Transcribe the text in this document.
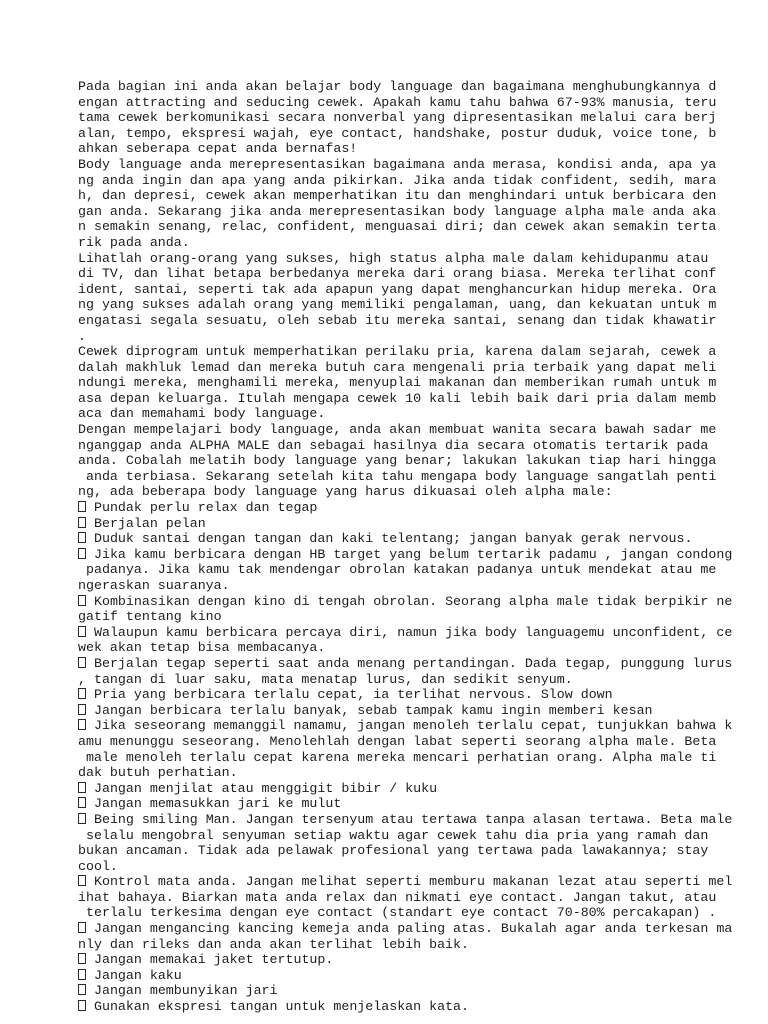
Pada bagian ini anda akan belajar body language dan bagaimana menghubungkannya d
engan attracting and seducing cewek. Apakah kamu tahu bahwa 67-93% manusia, teru
tama cewek berkomunikasi secara nonverbal yang dipresentasikan melalui cara berj
alan, tempo, ekspresi wajah, eye contact, handshake, postur duduk, voice tone, b
ahkan seberapa cepat anda bernafas!
Body language anda merepresentasikan bagaimana anda merasa, kondisi anda, apa ya
ng anda ingin dan apa yang anda pikirkan. Jika anda tidak confident, sedih, mara
h, dan depresi, cewek akan memperhatikan itu dan menghindari untuk berbicara den
gan anda. Sekarang jika anda merepresentasikan body language alpha male anda aka
n semakin senang, relac, confident, menguasai diri; dan cewek akan semakin terta
rik pada anda.
Lihatlah orang-orang yang sukses, high status alpha male dalam kehidupanmu atau
di TV, dan lihat betapa berbedanya mereka dari orang biasa. Mereka terlihat conf
ident, santai, seperti tak ada apapun yang dapat menghancurkan hidup mereka. Ora
ng yang sukses adalah orang yang memiliki pengalaman, uang, dan kekuatan untuk m
engatasi segala sesuatu, oleh sebab itu mereka santai, senang dan tidak khawatir
.
Cewek diprogram untuk memperhatikan perilaku pria, karena dalam sejarah, cewek a
dalah makhluk lemad dan mereka butuh cara mengenali pria terbaik yang dapat meli
ndungi mereka, menghamili mereka, menyuplai makanan dan memberikan rumah untuk m
asa depan keluarga. Itulah mengapa cewek 10 kali lebih baik dari pria dalam memb
aca dan memahami body language.
Dengan mempelajari body language, anda akan membuat wanita secara bawah sadar me
nganggap anda ALPHA MALE dan sebagai hasilnya dia secara otomatis tertarik pada
anda. Cobalah melatih body language yang benar; lakukan lakukan tiap hari hingga
anda terbiasa. Sekarang setelah kita tahu mengapa body language sangatlah penti
ng, ada beberapa body language yang harus dikuasai oleh alpha male:
Pundak perlu relax dan tegap
Berjalan pelan
Duduk santai dengan tangan dan kaki telentang; jangan banyak gerak nervous.
Jika kamu berbicara dengan HB target yang belum tertarik padamu , jangan condong
padanya. Jika kamu tak mendengar obrolan katakan padanya untuk mendekat atau me
ngeraskan suaranya.
Kombinasikan dengan kino di tengah obrolan. Seorang alpha male tidak berpikir ne
gatif tentang kino
Walaupun kamu berbicara percaya diri, namun jika body languagemu unconfident, ce
wek akan tetap bisa membacanya.
Berjalan tegap seperti saat anda menang pertandingan. Dada tegap, punggung lurus
, tangan di luar saku, mata menatap lurus, dan sedikit senyum.
Pria yang berbicara terlalu cepat, ia terlihat nervous. Slow down
Jangan berbicara terlalu banyak, sebab tampak kamu ingin memberi kesan
Jika seseorang memanggil namamu, jangan menoleh terlalu cepat, tunjukkan bahwa k
amu menunggu seseorang. Menolehlah dengan labat seperti seorang alpha male. Beta
male menoleh terlalu cepat karena mereka mencari perhatian orang. Alpha male ti
dak butuh perhatian.
Jangan menjilat atau menggigit bibir / kuku
Jangan memasukkan jari ke mulut
Being smiling Man. Jangan tersenyum atau tertawa tanpa alasan tertawa. Beta male
selalu mengobral senyuman setiap waktu agar cewek tahu dia pria yang ramah dan
bukan ancaman. Tidak ada pelawak profesional yang tertawa pada lawakannya; stay
cool.
Kontrol mata anda. Jangan melihat seperti memburu makanan lezat atau seperti mel
ihat bahaya. Biarkan mata anda relax dan nikmati eye contact. Jangan takut, atau
terlalu terkesima dengan eye contact (standart eye contact 70-80% percakapan) .
Jangan mengancing kancing kemeja anda paling atas. Bukalah agar anda terkesan ma
nly dan rileks dan anda akan terlihat lebih baik.
Jangan memakai jaket tertutup.
Jangan kaku
Jangan membunyikan jari
Gunakan ekspresi tangan untuk menjelaskan kata.
